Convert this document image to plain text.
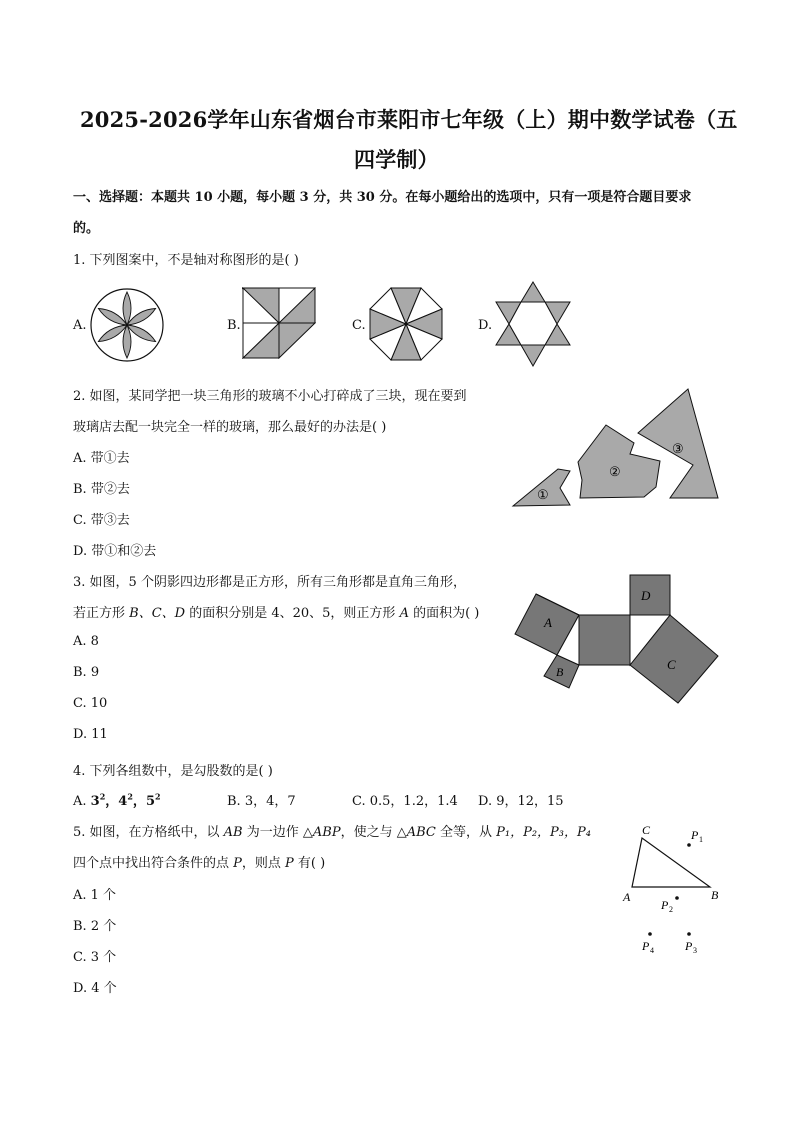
2025-2026学年山东省烟台市莱阳市七年级（上）期中数学试卷（五
四学制）
一、选择题：本题共 10 小题，每小题 3 分，共 30 分。在每小题给出的选项中，只有一项是符合题目要求
的。
1. 下列图案中，不是轴对称图形的是( )
A.	B.	C.	D.
2. 如图，某同学把一块三角形的玻璃不小心打碎成了三块，现在要到
玻璃店去配一块完全一样的玻璃，那么最好的办法是( )
A. 带①去
B. 带②去
C. 带③去
D. 带①和②去
①
②
③
3. 如图，5 个阴影四边形都是正方形，所有三角形都是直角三角形，
若正方形 B、C、D 的面积分别是 4、20、5，则正方形 A 的面积为( )
A. 8
B. 9
C. 10
D. 11
A
B	C
D
4. 下列各组数中，是勾股数的是( )
A. $3^2$，$4^2$，$5^2$	B. 3，4，7	C. 0.5，1.2，1.4 D. 9，12，15
5. 如图，在方格纸中，以 AB 为一边作 △ABP，使之与 △ABC 全等，从 P₁，P₂，P₃，P₄
四个点中找出符合条件的点 P，则点 P 有( )
A. 1 个
B. 2 个
C. 3 个
D. 4 个
C
A	B
P
P
P
P
1
2
3
4
